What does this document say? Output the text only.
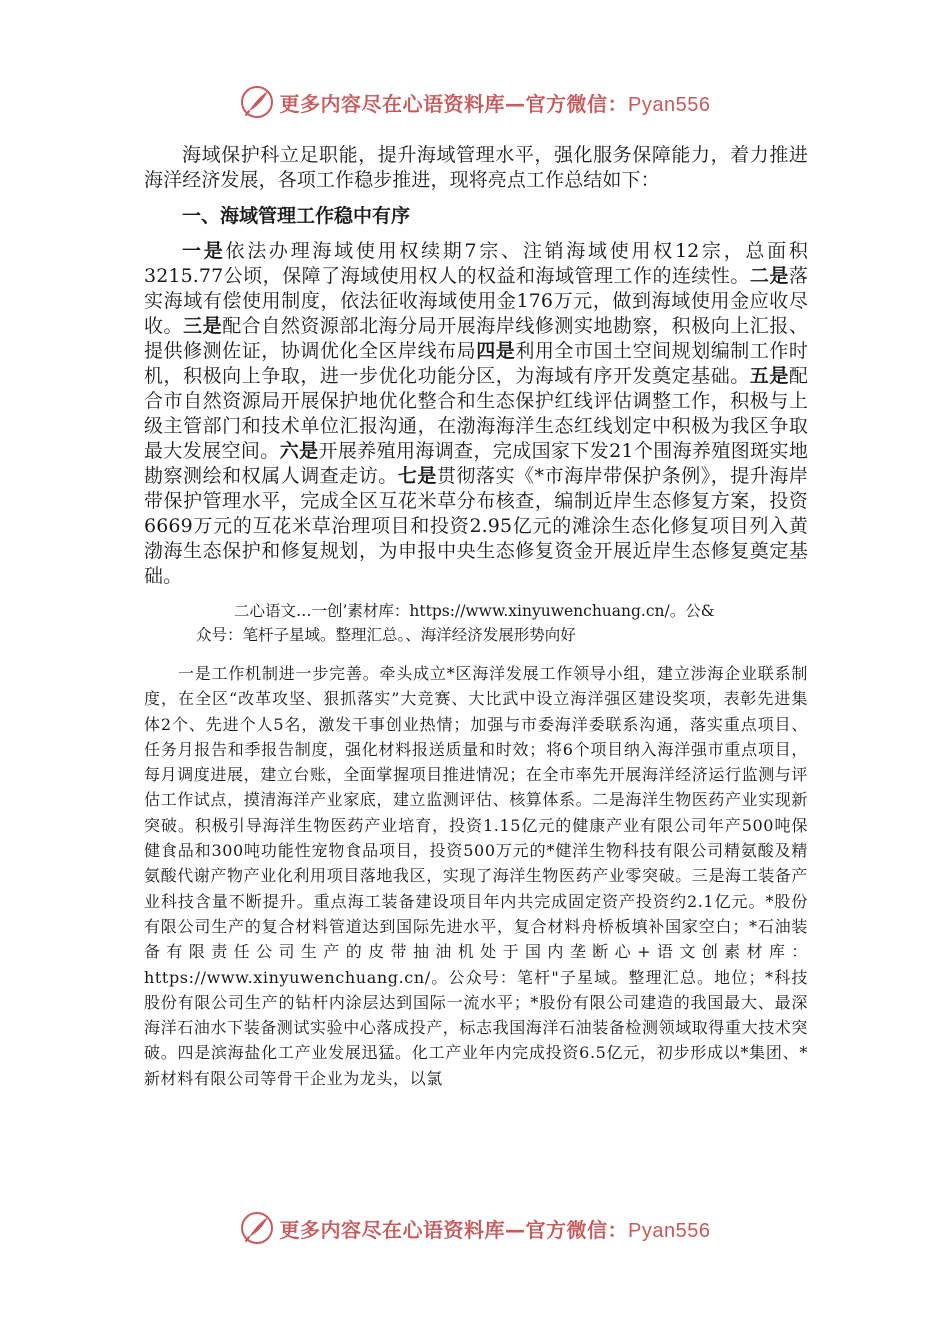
更多内容尽在心语资料库—官方微信：Pyan556

海域保护科立足职能，提升海域管理水平，强化服务保障能力，着力推进海洋经济发展，各项工作稳步推进，现将亮点工作总结如下：

一、海域管理工作稳中有序

一是依法办理海域使用权续期7宗、注销海域使用权12宗，总面积3215.77公顷，保障了海域使用权人的权益和海域管理工作的连续性。二是落实海域有偿使用制度，依法征收海域使用金176万元，做到海域使用金应收尽收。三是配合自然资源部北海分局开展海岸线修测实地勘察，积极向上汇报、提供修测佐证，协调优化全区岸线布局四是利用全市国土空间规划编制工作时机，积极向上争取，进一步优化功能分区，为海域有序开发奠定基础。五是配合市自然资源局开展保护地优化整合和生态保护红线评估调整工作，积极与上级主管部门和技术单位汇报沟通，在渤海海洋生态红线划定中积极为我区争取最大发展空间。六是开展养殖用海调查，完成国家下发21个围海养殖图斑实地勘察测绘和权属人调查走访。七是贯彻落实《*市海岸带保护条例》，提升海岸带保护管理水平，完成全区互花米草分布核查，编制近岸生态修复方案，投资6669万元的互花米草治理项目和投资2.95亿元的滩涂生态化修复项目列入黄渤海生态保护和修复规划，为申报中央生态修复资金开展近岸生态修复奠定基础。

二心语文…一创’素材库：https://www.xinyuwenchuang.cn/。公&
众号：笔杆子星域。整理汇总。、海洋经济发展形势向好

一是工作机制进一步完善。牵头成立*区海洋发展工作领导小组，建立涉海企业联系制度，在全区“改革攻坚、狠抓落实”大竞赛、大比武中设立海洋强区建设奖项，表彰先进集体2个、先进个人5名，激发干事创业热情；加强与市委海洋委联系沟通，落实重点项目、任务月报告和季报告制度，强化材料报送质量和时效；将6个项目纳入海洋强市重点项目，每月调度进展，建立台账，全面掌握项目推进情况；在全市率先开展海洋经济运行监测与评估工作试点，摸清海洋产业家底，建立监测评估、核算体系。二是海洋生物医药产业实现新突破。积极引导海洋生物医药产业培育，投资1.15亿元的健康产业有限公司年产500吨保健食品和300吨功能性宠物食品项目，投资500万元的*健洋生物科技有限公司精氨酸及精氨酸代谢产物产业化利用项目落地我区，实现了海洋生物医药产业零突破。三是海工装备产业科技含量不断提升。重点海工装备建设项目年内共完成固定资产投资约2.1亿元。*股份有限公司生产的复合材料管道达到国际先进水平，复合材料舟桥板填补国家空白；*石油装备有限责任公司生产的皮带抽油机处于国内垄断心+语文创素材库：https://www.xinyuwenchuang.cn/。公众号：笔杆"子星域。整理汇总。地位；*科技股份有限公司生产的钻杆内涂层达到国际一流水平；*股份有限公司建造的我国最大、最深海洋石油水下装备测试实验中心落成投产，标志我国海洋石油装备检测领域取得重大技术突破。四是滨海盐化工产业发展迅猛。化工产业年内完成投资6.5亿元，初步形成以*集团、*新材料有限公司等骨干企业为龙头，以氯

更多内容尽在心语资料库—官方微信：Pyan556
